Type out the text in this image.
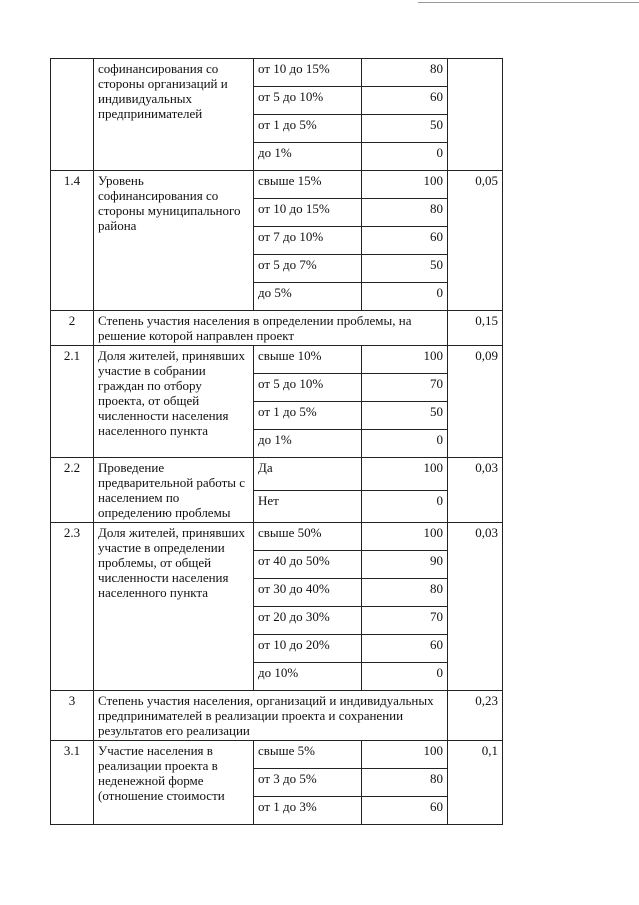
	софинансирования со стороны организаций и индивидуальных предпринимателей	от 10 до 15%	80	
		от 5 до 10%	60	
		от 1 до 5%	50	
		до 1%	0	
1.4	Уровень софинансирования со стороны муниципального района	свыше 15%	100	0,05
		от 10 до 15%	80	
		от 7 до 10%	60	
		от 5 до 7%	50	
		до 5%	0	
2	Степень участия населения в определении проблемы, на решение которой направлен проект			0,15
2.1	Доля жителей, принявших участие в собрании граждан по отбору проекта, от общей численности населения населенного пункта	свыше 10%	100	0,09
		от 5 до 10%	70	
		от 1 до 5%	50	
		до 1%	0	
2.2	Проведение предварительной работы с населением по определению проблемы	Да	100	0,03
		Нет	0	
2.3	Доля жителей, принявших участие в определении проблемы, от общей численности населения населенного пункта	свыше 50%	100	0,03
		от 40 до 50%	90	
		от 30 до 40%	80	
		от 20 до 30%	70	
		от 10 до 20%	60	
		до 10%	0	
3	Степень участия населения, организаций и индивидуальных предпринимателей в реализации проекта и сохранении результатов его реализации			0,23
3.1	Участие населения в реализации проекта в неденежной форме (отношение стоимости	свыше 5%	100	0,1
		от 3 до 5%	80	
		от 1 до 3%	60	
